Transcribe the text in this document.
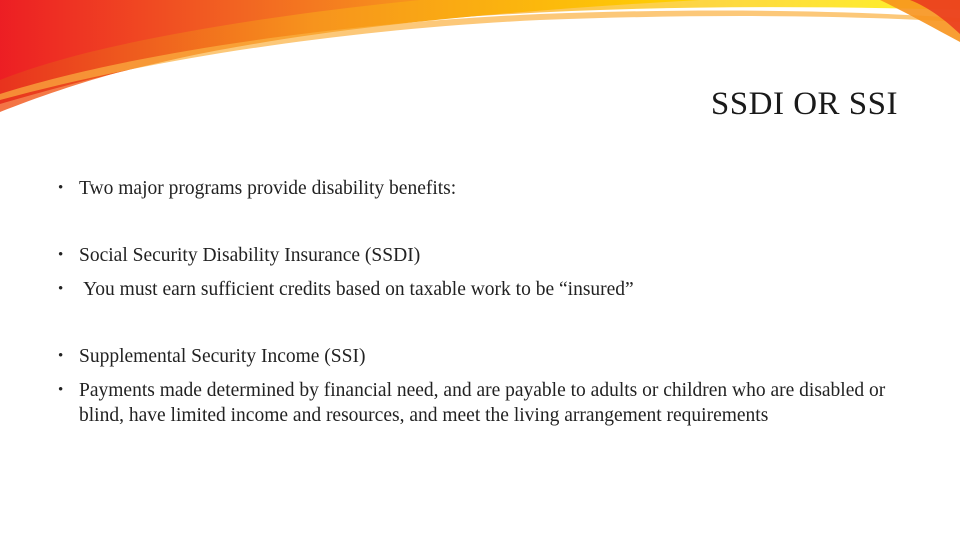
SSDI OR SSI
• Two major programs provide disability benefits:
• Social Security Disability Insurance (SSDI)
•  You must earn sufficient credits based on taxable work to be “insured”
• Supplemental Security Income (SSI)
• Payments made determined by financial need, and are payable to adults or children who are disabled or blind, have limited income and resources, and meet the living arrangement requirements
